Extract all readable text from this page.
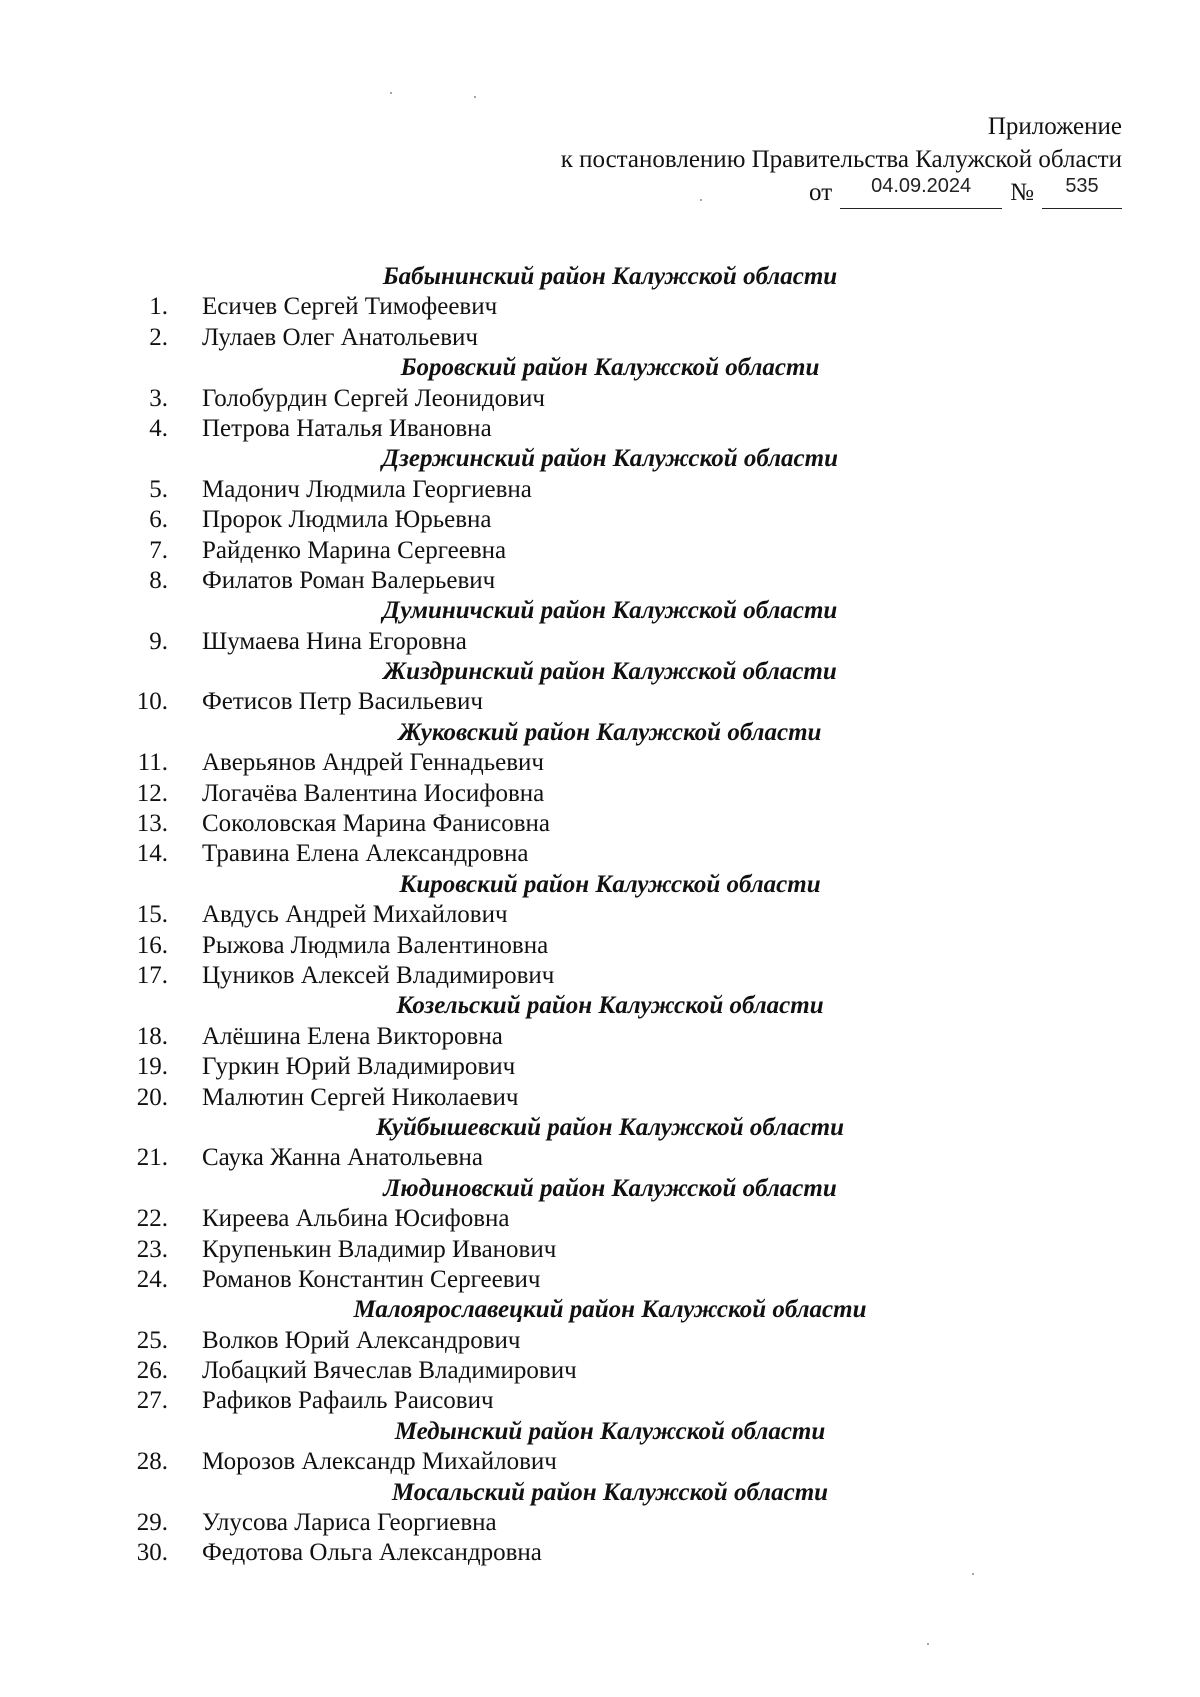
Приложение
к постановлению Правительства Калужской области
от	04.09.2024	№	535
Бабынинский район Калужской области
1. Есичев Сергей Тимофеевич
2. Лулаев Олег Анатольевич
Боровский район Калужской области
3. Голобурдин Сергей Леонидович
4. Петрова Наталья Ивановна
Дзержинский район Калужской области
5. Мадонич Людмила Георгиевна
6. Пророк Людмила Юрьевна
7. Райденко Марина Сергеевна
8. Филатов Роман Валерьевич
Думиничский район Калужской области
9. Шумаева Нина Егоровна
Жиздринский район Калужской области
10. Фетисов Петр Васильевич
Жуковский район Калужской области
11. Аверьянов Андрей Геннадьевич
12. Логачёва Валентина Иосифовна
13. Соколовская Марина Фанисовна
14. Травина Елена Александровна
Кировский район Калужской области
15. Авдусь Андрей Михайлович
16. Рыжова Людмила Валентиновна
17. Цуников Алексей Владимирович
Козельский район Калужской области
18. Алёшина Елена Викторовна
19. Гуркин Юрий Владимирович
20. Малютин Сергей Николаевич
Куйбышевский район Калужской области
21. Саука Жанна Анатольевна
Людиновский район Калужской области
22. Киреева Альбина Юсифовна
23. Крупенькин Владимир Иванович
24. Романов Константин Сергеевич
Малоярославецкий район Калужской области
25. Волков Юрий Александрович
26. Лобацкий Вячеслав Владимирович
27. Рафиков Рафаиль Раисович
Медынский район Калужской области
28. Морозов Александр Михайлович
Мосальский район Калужской области
29. Улусова Лариса Георгиевна
30. Федотова Ольга Александровна
